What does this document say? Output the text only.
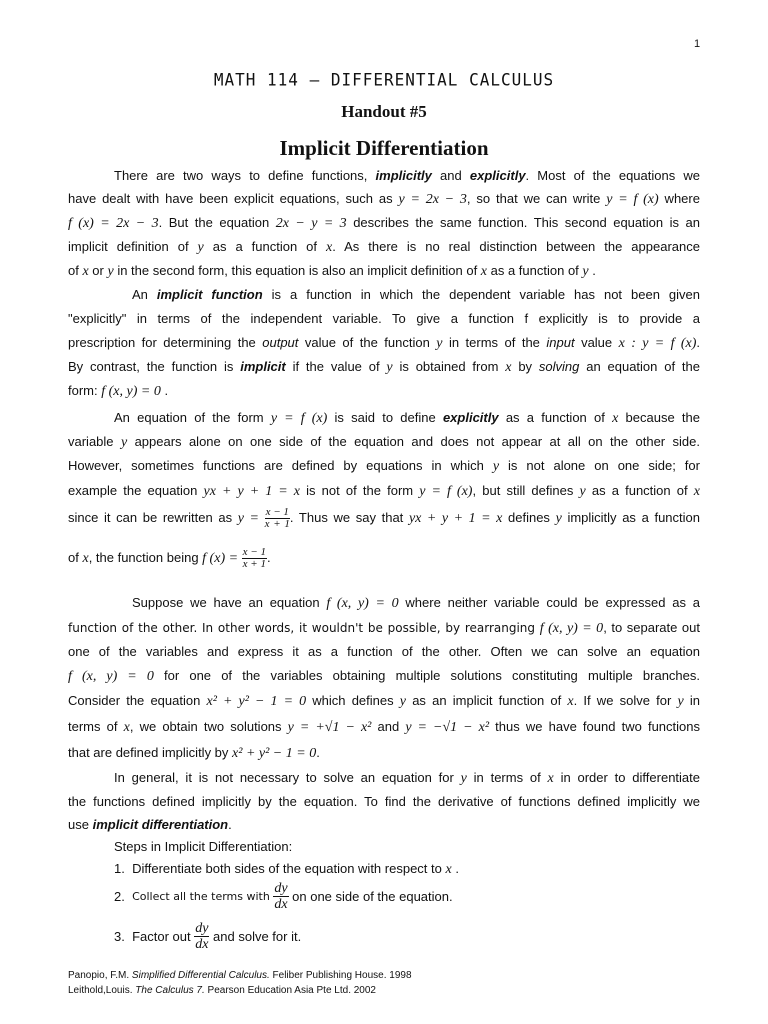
1
MATH 114 – DIFFERENTIAL CALCULUS
Handout #5
Implicit Differentiation
There are two ways to define functions, implicitly and explicitly. Most of the equations we
have dealt with have been explicit equations, such as y = 2x − 3, so that we can write y = f (x) where
f (x) = 2x − 3. But the equation 2x − y = 3 describes the same function. This second equation is an
implicit definition of y as a function of x. As there is no real distinction between the appearance
of x or y in the second form, this equation is also an implicit definition of x as a function of y .
An implicit function is a function in which the dependent variable has not been given
"explicitly" in terms of the independent variable. To give a function f explicitly is to provide a
prescription for determining the output value of the function y in terms of the input value x : y = f (x).
By contrast, the function is implicit if the value of y is obtained from x by solving an equation of the
form: f (x, y) = 0 .
An equation of the form y = f (x) is said to define explicitly as a function of x because the
variable y appears alone on one side of the equation and does not appear at all on the other side.
However, sometimes functions are defined by equations in which y is not alone on one side; for
example the equation yx + y + 1 = x is not of the form y = f (x), but still defines y as a function of x
since it can be rewritten as $y = \frac{x - 1}{x + 1}$ . Thus we say that yx + y + 1 = x defines y implicitly as a function
of x, the function being f $(x) = \frac{x - 1}{x + 1}$ .
Suppose we have an equation f (x, y) = 0 where neither variable could be expressed as a
function of the other. In other words, it wouldn't be possible, by rearranging f (x, y) = 0, to separate out
one of the variables and express it as a function of the other. Often we can solve an equation
f (x, y) = 0 for one of the variables obtaining multiple solutions constituting multiple branches.
Consider the equation x² + y² − 1 = 0 which defines y as an implicit function of x. If we solve for y in
terms of x, we obtain two solutions y = +√1 − x² and y = −√1 − x² thus we have found two functions
that are defined implicitly by x² + y² − 1 = 0.
In general, it is not necessary to solve an equation for y in terms of x in order to differentiate
the functions defined implicitly by the equation. To find the derivative of functions defined implicitly we
use implicit differentiation.
Steps in Implicit Differentiation:
1. Differentiate both sides of the equation with respect to x .
2. Collect all the terms with $\frac{dy}{dx}$ on one side of the equation.
3. Factor out $\frac{dy}{dx}$ and solve for it.
Panopio, F.M. Simplified Differential Calculus. Feliber Publishing House. 1998
Leithold,Louis. The Calculus 7. Pearson Education Asia Pte Ltd. 2002
